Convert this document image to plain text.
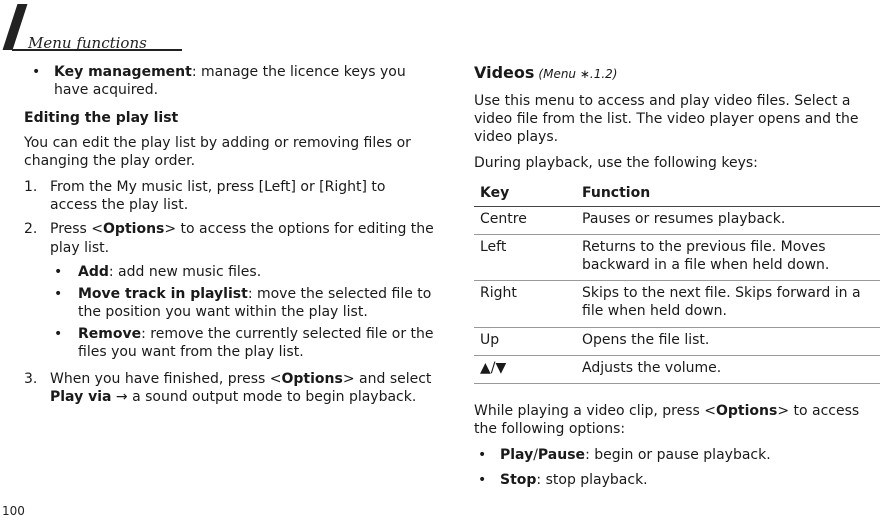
Menu functions
• Key management: manage the licence keys you have acquired.
Editing the play list

You can edit the play list by adding or removing files or changing the play order.

1. From the My music list, press [Left] or [Right] to access the play list.
2. Press <Options> to access the options for editing the play list.
• Add: add new music files.
• Move track in playlist: move the selected file to the position you want within the play list.
• Remove: remove the currently selected file or the files you want from the play list.
3. When you have finished, press <Options> and select Play via → a sound output mode to begin playback.
Videos (Menu ∗.1.2)

Use this menu to access and play video files. Select a video file from the list. The video player opens and the video plays.

During playback, use the following keys:

Key	Function
Centre	Pauses or resumes playback.
Left	Returns to the previous file. Moves backward in a file when held down.
Right	Skips to the next file. Skips forward in a file when held down.
Up	Opens the file list.
▲/▼	Adjusts the volume.

While playing a video clip, press <Options> to access the following options:

• Play/Pause: begin or pause playback.
• Stop: stop playback.
100
